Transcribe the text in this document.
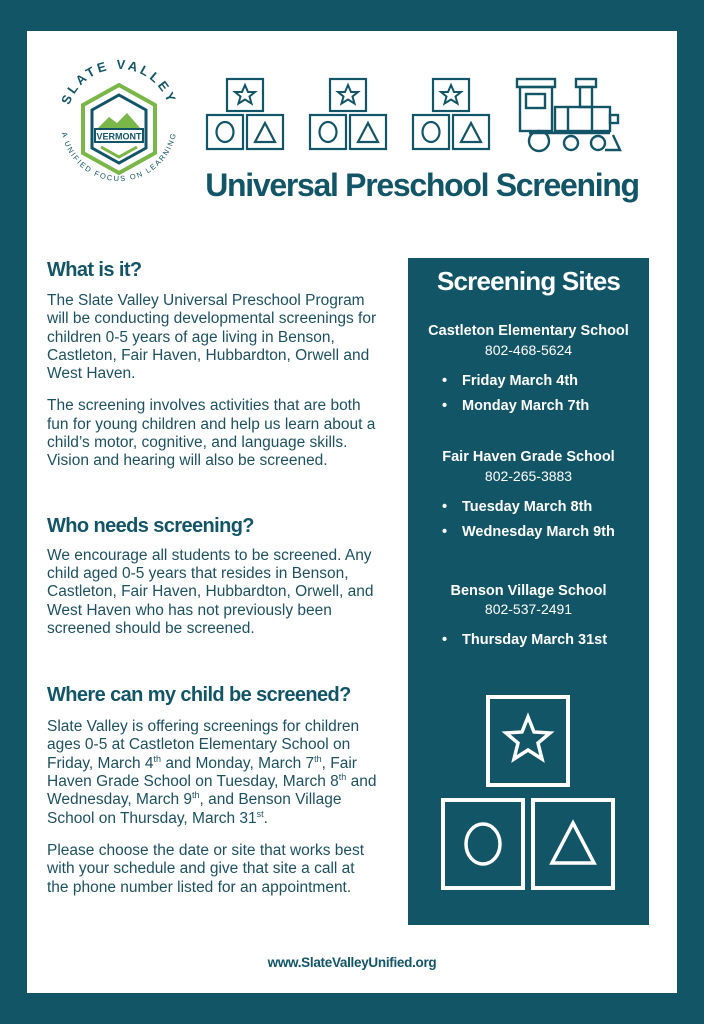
SLATE VALLEY
VERMONT
A UNIFIED FOCUS ON LEARNING
Universal Preschool Screening
What is it?
The Slate Valley Universal Preschool Program
will be conducting developmental screenings for
children 0-5 years of age living in Benson,
Castleton, Fair Haven, Hubbardton, Orwell and
West Haven.
The screening involves activities that are both
fun for young children and help us learn about a
child’s motor, cognitive, and language skills.
Vision and hearing will also be screened.
Who needs screening?
We encourage all students to be screened. Any
child aged 0-5 years that resides in Benson,
Castleton, Fair Haven, Hubbardton, Orwell, and
West Haven who has not previously been
screened should be screened.
Where can my child be screened?
Slate Valley is offering screenings for children
ages 0-5 at Castleton Elementary School on
Friday, March 4th and Monday, March 7th, Fair
Haven Grade School on Tuesday, March 8th and
Wednesday, March 9th, and Benson Village
School on Thursday, March 31st.
Please choose the date or site that works best
with your schedule and give that site a call at
the phone number listed for an appointment.
Screening Sites
Castleton Elementary School
802-468-5624
• Friday March 4th
• Monday March 7th
Fair Haven Grade School
802-265-3883
• Tuesday March 8th
• Wednesday March 9th
Benson Village School
802-537-2491
• Thursday March 31st
www.SlateValleyUnified.org
